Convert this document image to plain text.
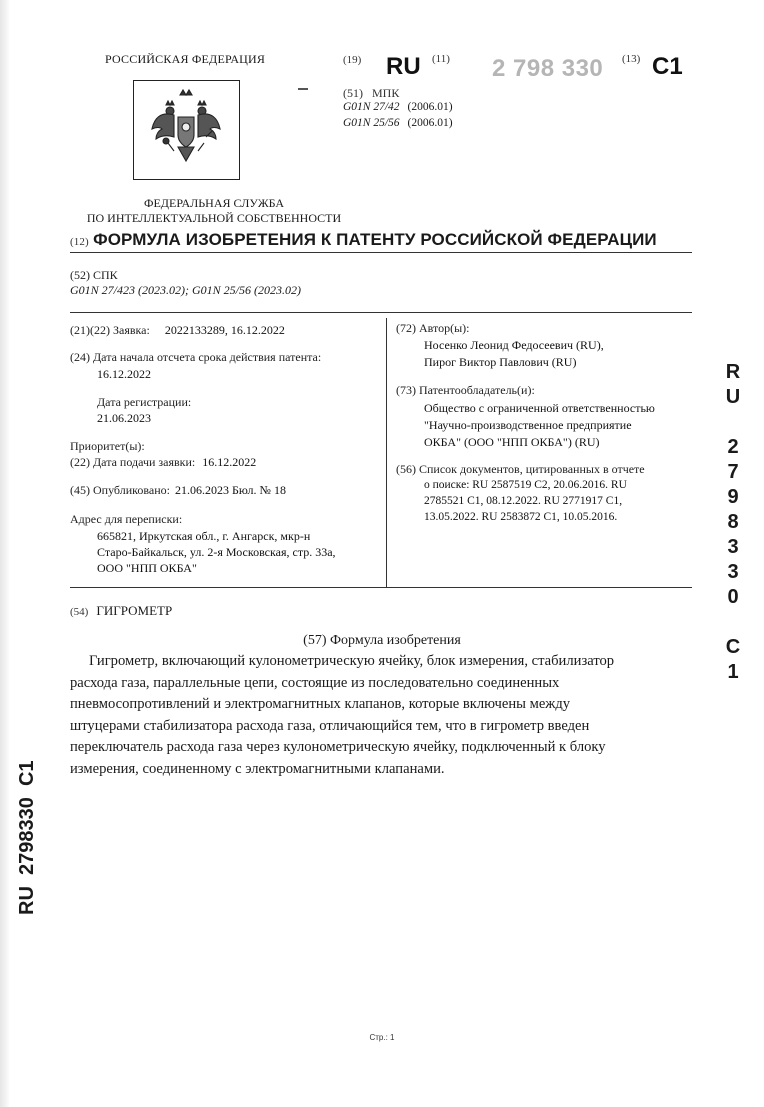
РОССИЙСКАЯ ФЕДЕРАЦИЯ
ФЕДЕРАЛЬНАЯ СЛУЖБА
ПО ИНТЕЛЛЕКТУАЛЬНОЙ СОБСТВЕННОСТИ
(19) RU (11) 2 798 330 (13) C1
(51) МПК
G01N 27/42 (2006.01)
G01N 25/56 (2006.01)
(12) ФОРМУЛА ИЗОБРЕТЕНИЯ К ПАТЕНТУ РОССИЙСКОЙ ФЕДЕРАЦИИ
(52) СПК
G01N 27/423 (2023.02); G01N 25/56 (2023.02)
(21)(22) Заявка: 2022133289, 16.12.2022
(24) Дата начала отсчета срока действия патента:
16.12.2022
Дата регистрации:
21.06.2023
Приоритет(ы):
(22) Дата подачи заявки: 16.12.2022
(45) Опубликовано: 21.06.2023 Бюл. № 18
Адрес для переписки:
665821, Иркутская обл., г. Ангарск, мкр-н
Старо-Байкальск, ул. 2-я Московская, стр. 33а,
ООО "НПП ОКБА"
(72) Автор(ы):
Носенко Леонид Федосеевич (RU),
Пирог Виктор Павлович (RU)
(73) Патентообладатель(и):
Общество с ограниченной ответственностью
"Научно-производственное предприятие
ОКБА" (ООО "НПП ОКБА") (RU)
(56) Список документов, цитированных в отчете
о поиске: RU 2587519 C2, 20.06.2016. RU
2785521 C1, 08.12.2022. RU 2771917 C1,
13.05.2022. RU 2583872 C1, 10.05.2016.
(54) ГИГРОМЕТР
(57) Формула изобретения
Гигрометр, включающий кулонометрическую ячейку, блок измерения, стабилизатор
расхода газа, параллельные цепи, состоящие из последовательно соединенных
пневмосопротивлений и электромагнитных клапанов, которые включены между
штуцерами стабилизатора расхода газа, отличающийся тем, что в гигрометр введен
переключатель расхода газа через кулонометрическую ячейку, подключенный к блоку
измерения, соединенному с электромагнитными клапанами.
R
U
2
7
9
8
3
3
0
C
1
RU  2798330  C1
Стр.: 1
